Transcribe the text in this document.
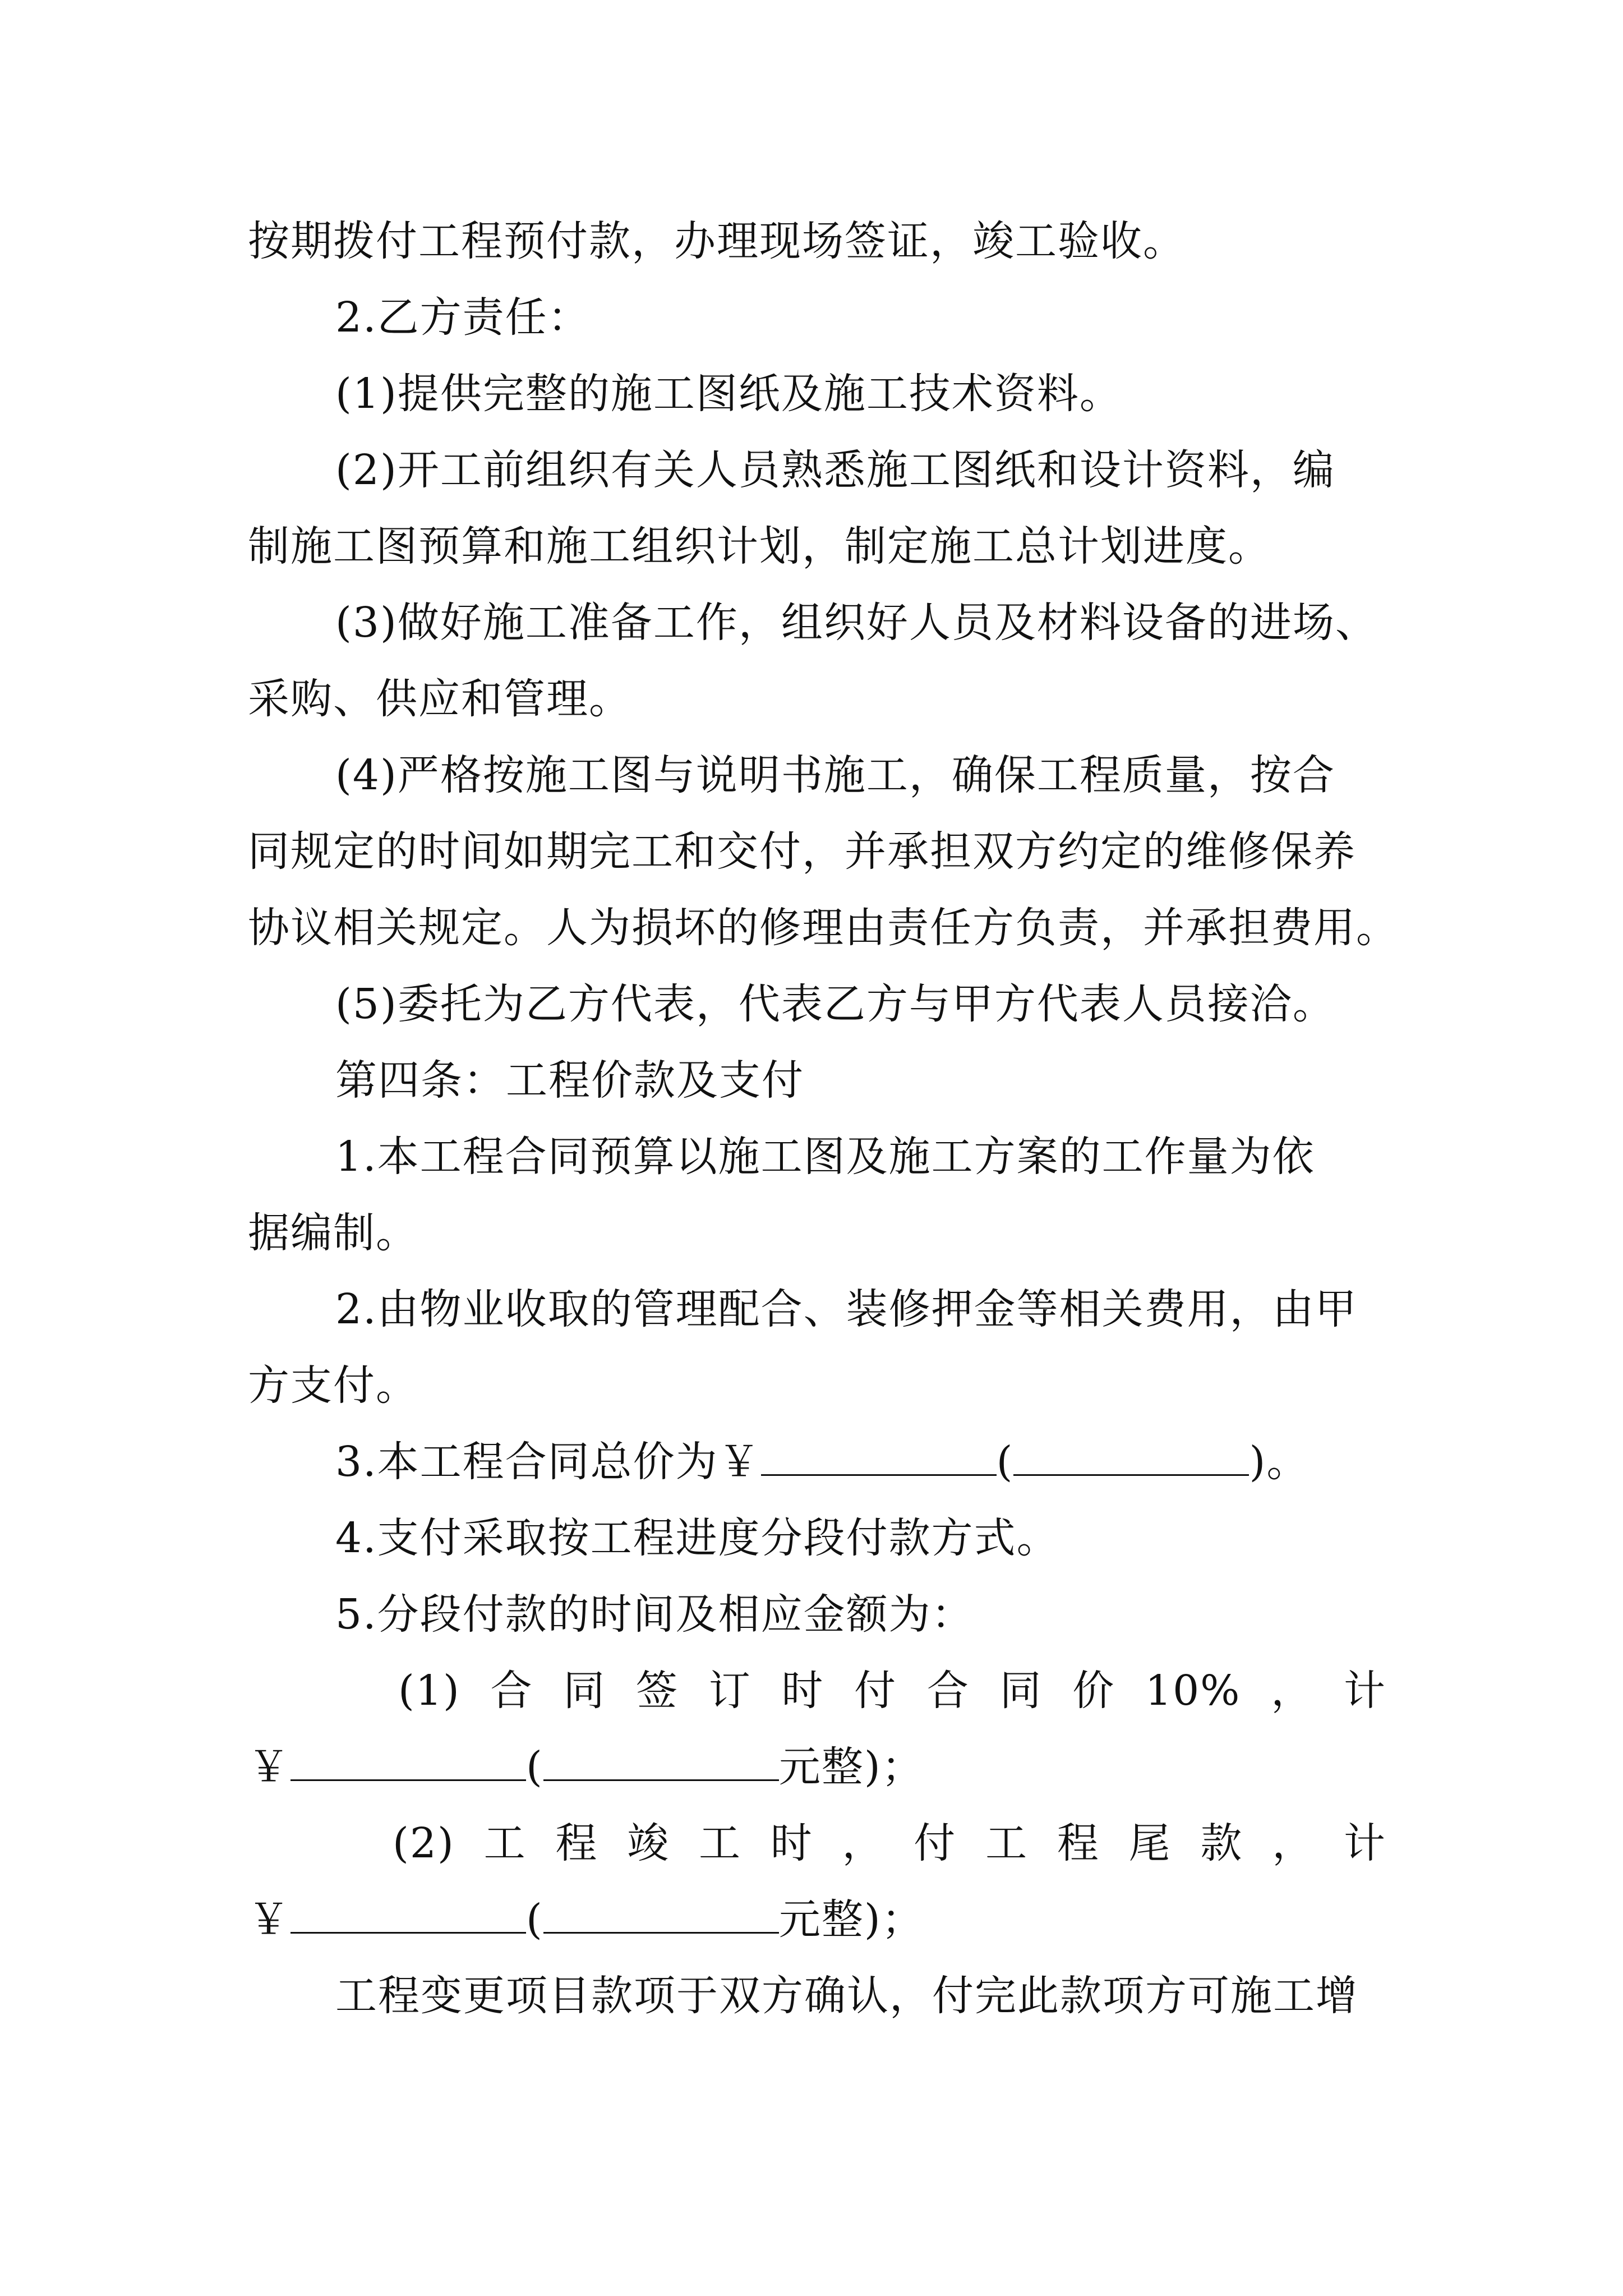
按期拨付工程预付款，办理现场签证，竣工验收。
2.乙方责任：
(1)提供完整的施工图纸及施工技术资料。
(2)开工前组织有关人员熟悉施工图纸和设计资料，编
制施工图预算和施工组织计划，制定施工总计划进度。
(3)做好施工准备工作，组织好人员及材料设备的进场、
采购、供应和管理。
(4)严格按施工图与说明书施工，确保工程质量，按合
同规定的时间如期完工和交付，并承担双方约定的维修保养
协议相关规定。人为损坏的修理由责任方负责，并承担费用。
(5)委托为乙方代表，代表乙方与甲方代表人员接洽。
第四条：工程价款及支付
1.本工程合同预算以施工图及施工方案的工作量为依
据编制。
2.由物业收取的管理配合、装修押金等相关费用，由甲
方支付。
3.本工程合同总价为￥	(	)。
4.支付采取按工程进度分段付款方式。
5.分段付款的时间及相应金额为：
(1) 合 同 签 订 时 付 合 同 价 10% ， 计
￥	(	元整)；
(2) 工 程 竣 工 时 ， 付 工 程 尾 款 ， 计
￥	(	元整)；
工程变更项目款项于双方确认，付完此款项方可施工增
